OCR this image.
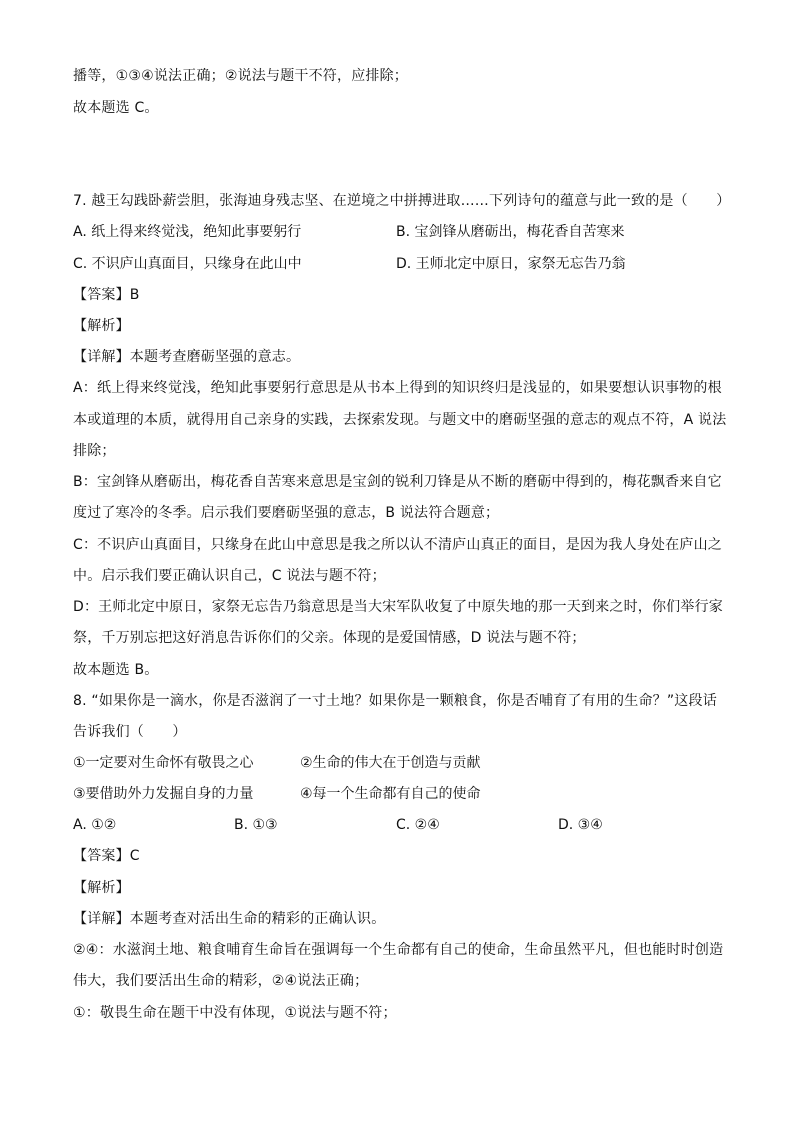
播等，①③④说法正确；②说法与题干不符，应排除；
故本题选 C。
7. 越王勾践卧薪尝胆，张海迪身残志坚、在逆境之中拼搏进取……下列诗句的蕴意与此一致的是（　　）
A. 纸上得来终觉浅，绝知此事要躬行	B. 宝剑锋从磨砺出，梅花香自苦寒来
C. 不识庐山真面目，只缘身在此山中	D. 王师北定中原日，家祭无忘告乃翁
【答案】B
【解析】
【详解】本题考查磨砺坚强的意志。
A：纸上得来终觉浅，绝知此事要躬行意思是从书本上得到的知识终归是浅显的，如果要想认识事物的根
本或道理的本质，就得用自己亲身的实践，去探索发现。与题文中的磨砺坚强的意志的观点不符，A 说法
排除；
B：宝剑锋从磨砺出，梅花香自苦寒来意思是宝剑的锐利刀锋是从不断的磨砺中得到的，梅花飘香来自它
度过了寒冷的冬季。启示我们要磨砺坚强的意志，B 说法符合题意；
C：不识庐山真面目，只缘身在此山中意思是我之所以认不清庐山真正的面目，是因为我人身处在庐山之
中。启示我们要正确认识自己，C 说法与题不符；
D：王师北定中原日，家祭无忘告乃翁意思是当大宋军队收复了中原失地的那一天到来之时，你们举行家
祭，千万别忘把这好消息告诉你们的父亲。体现的是爱国情感，D 说法与题不符；
故本题选 B。
8. “如果你是一滴水，你是否滋润了一寸土地？如果你是一颗粮食，你是否哺育了有用的生命？”这段话
告诉我们（　　）
①一定要对生命怀有敬畏之心	②生命的伟大在于创造与贡献
③要借助外力发掘自身的力量	④每一个生命都有自己的使命
A. ①②	B. ①③	C. ②④	D. ③④
【答案】C
【解析】
【详解】本题考查对活出生命的精彩的正确认识。
②④：水滋润土地、粮食哺育生命旨在强调每一个生命都有自己的使命，生命虽然平凡，但也能时时创造
伟大，我们要活出生命的精彩，②④说法正确；
①：敬畏生命在题干中没有体现，①说法与题不符；
